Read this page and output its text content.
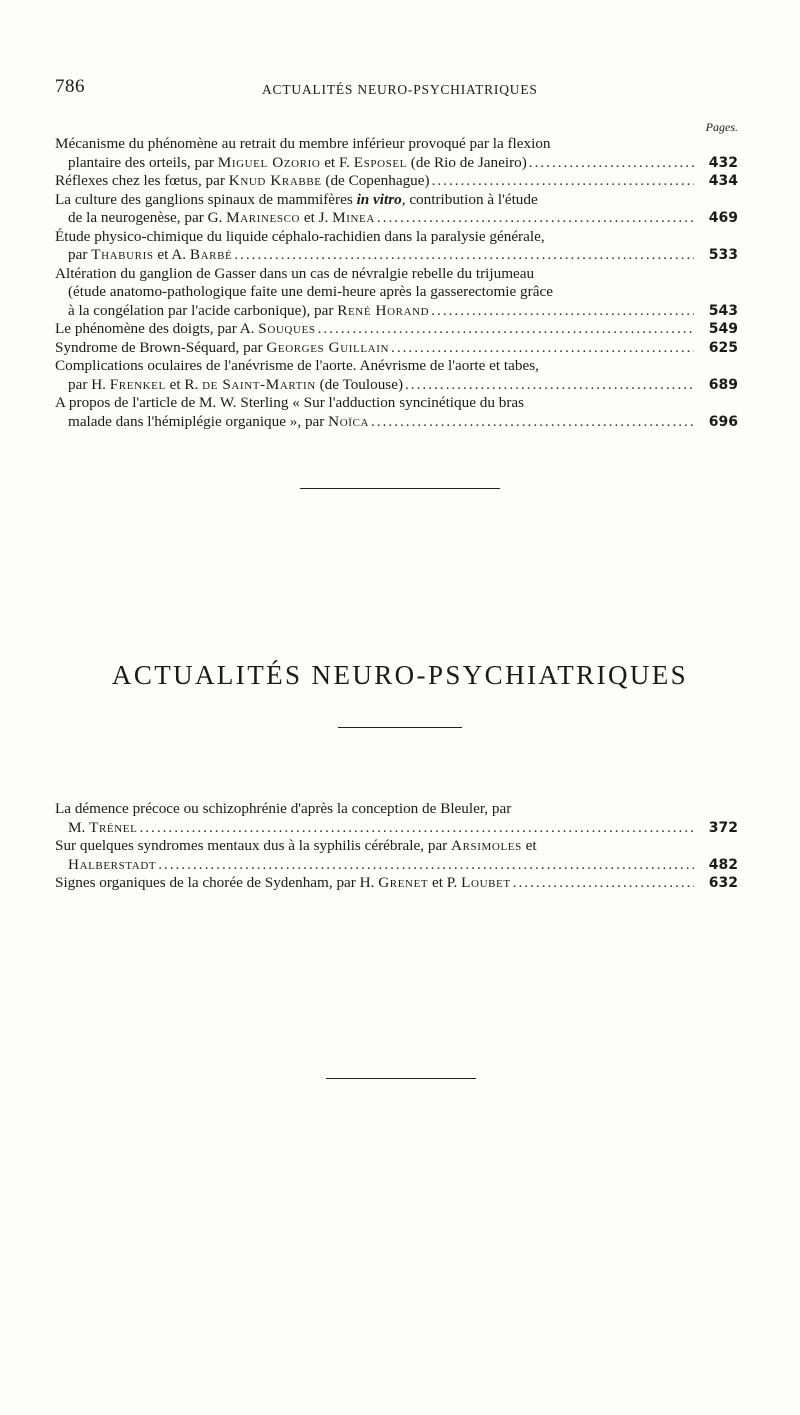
786	ACTUALITÉS NEURO-PSYCHIATRIQUES
Pages.
Mécanisme du phénomène au retrait du membre inférieur provoqué par la flexion
plantaire des orteils, par Miguel Ozorio et F. Esposel (de Rio de Janeiro) .....	432
Réflexes chez les fœtus, par Knud Krabbe (de Copenhague) .....	434
La culture des ganglions spinaux de mammifères in vitro, contribution à l'étude
de la neurogenèse, par G. Marinesco et J. Minea .....	469
Étude physico-chimique du liquide céphalo-rachidien dans la paralysie générale,
par Thaburis et A. Barbé .....	533
Altération du ganglion de Gasser dans un cas de névralgie rebelle du trijumeau
(étude anatomo-pathologique faite une demi-heure après la gasserectomie grâce
à la congélation par l'acide carbonique), par René Horand .....	543
Le phénomène des doigts, par A. Souques .....	549
Syndrome de Brown-Séquard, par Georges Guillain .....	625
Complications oculaires de l'anévrisme de l'aorte. Anévrisme de l'aorte et tabes,
par H. Frenkel et R. de Saint-Martin (de Toulouse) .....	689
A propos de l'article de M. W. Sterling « Sur l'adduction syncinétique du bras
malade dans l'hémiplégie organique », par Noïca .....	696
ACTUALITÉS NEURO-PSYCHIATRIQUES
La démence précoce ou schizophrénie d'après la conception de Bleuler, par
M. Trénel .....	372
Sur quelques syndromes mentaux dus à la syphilis cérébrale, par Arsimoles et
Halberstadt .....	482
Signes organiques de la chorée de Sydenham, par H. Grenet et P. Loubet .....	632
